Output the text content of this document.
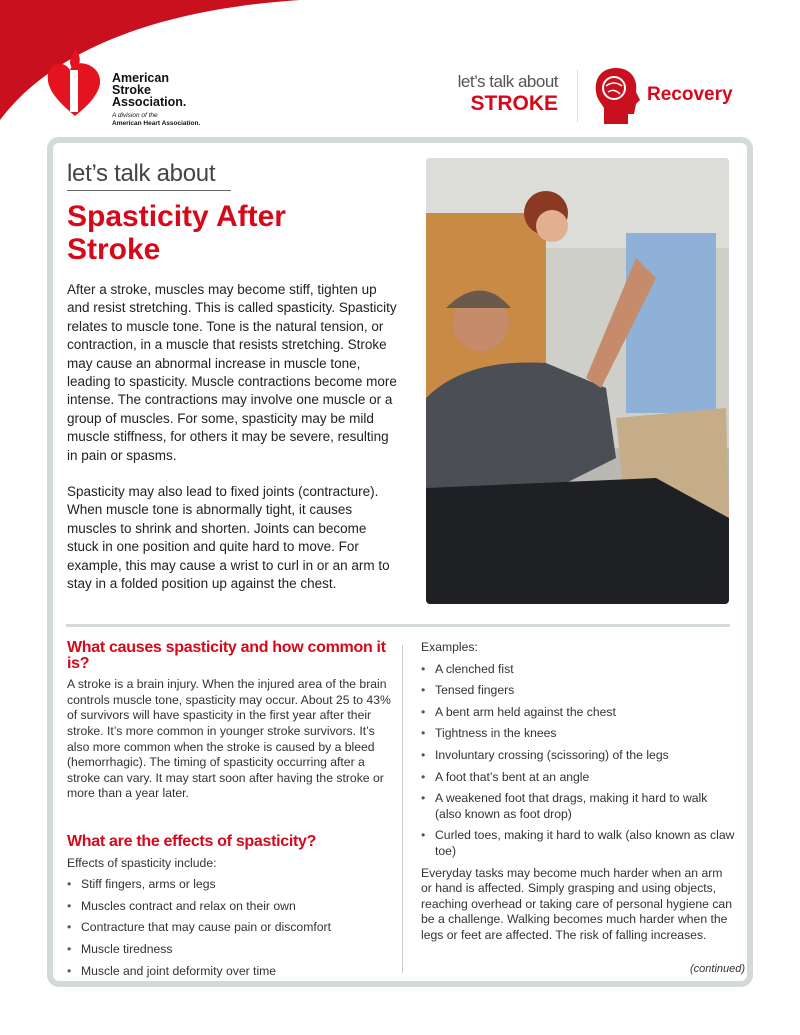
American
Stroke
Association.
A division of the
American Heart Association.
let’s talk about
STROKE	Recovery
let’s talk about
Spasticity After Stroke

After a stroke, muscles may become stiff, tighten up and resist stretching. This is called spasticity. Spasticity relates to muscle tone. Tone is the natural tension, or contraction, in a muscle that resists stretching. Stroke may cause an abnormal increase in muscle tone, leading to spasticity. Muscle contractions become more intense. The contractions may involve one muscle or a group of muscles. For some, spasticity may be mild muscle stiffness, for others it may be severe, resulting in pain or spasms.

Spasticity may also lead to fixed joints (contracture). When muscle tone is abnormally tight, it causes muscles to shrink and shorten. Joints can become stuck in one position and quite hard to move. For example, this may cause a wrist to curl in or an arm to stay in a folded position up against the chest.

What causes spasticity and how common it is?

A stroke is a brain injury. When the injured area of the brain controls muscle tone, spasticity may occur. About 25 to 43% of survivors will have spasticity in the first year after their stroke. It’s more common in younger stroke survivors. It’s also more common when the stroke is caused by a bleed (hemorrhagic). The timing of spasticity occurring after a stroke can vary. It may start soon after having the stroke or more than a year later.

What are the effects of spasticity?

Effects of spasticity include:

• Stiff fingers, arms or legs
• Muscles contract and relax on their own
• Contracture that may cause pain or discomfort
• Muscle tiredness
• Muscle and joint deformity over time

Examples:

• A clenched fist
• Tensed fingers
• A bent arm held against the chest
• Tightness in the knees
• Involuntary crossing (scissoring) of the legs
• A foot that’s bent at an angle
• A weakened foot that drags, making it hard to walk (also known as foot drop)
• Curled toes, making it hard to walk (also known as claw toe)

Everyday tasks may become much harder when an arm or hand is affected. Simply grasping and using objects, reaching overhead or taking care of personal hygiene can be a challenge. Walking becomes much harder when the legs or feet are affected. The risk of falling increases.

(continued)
